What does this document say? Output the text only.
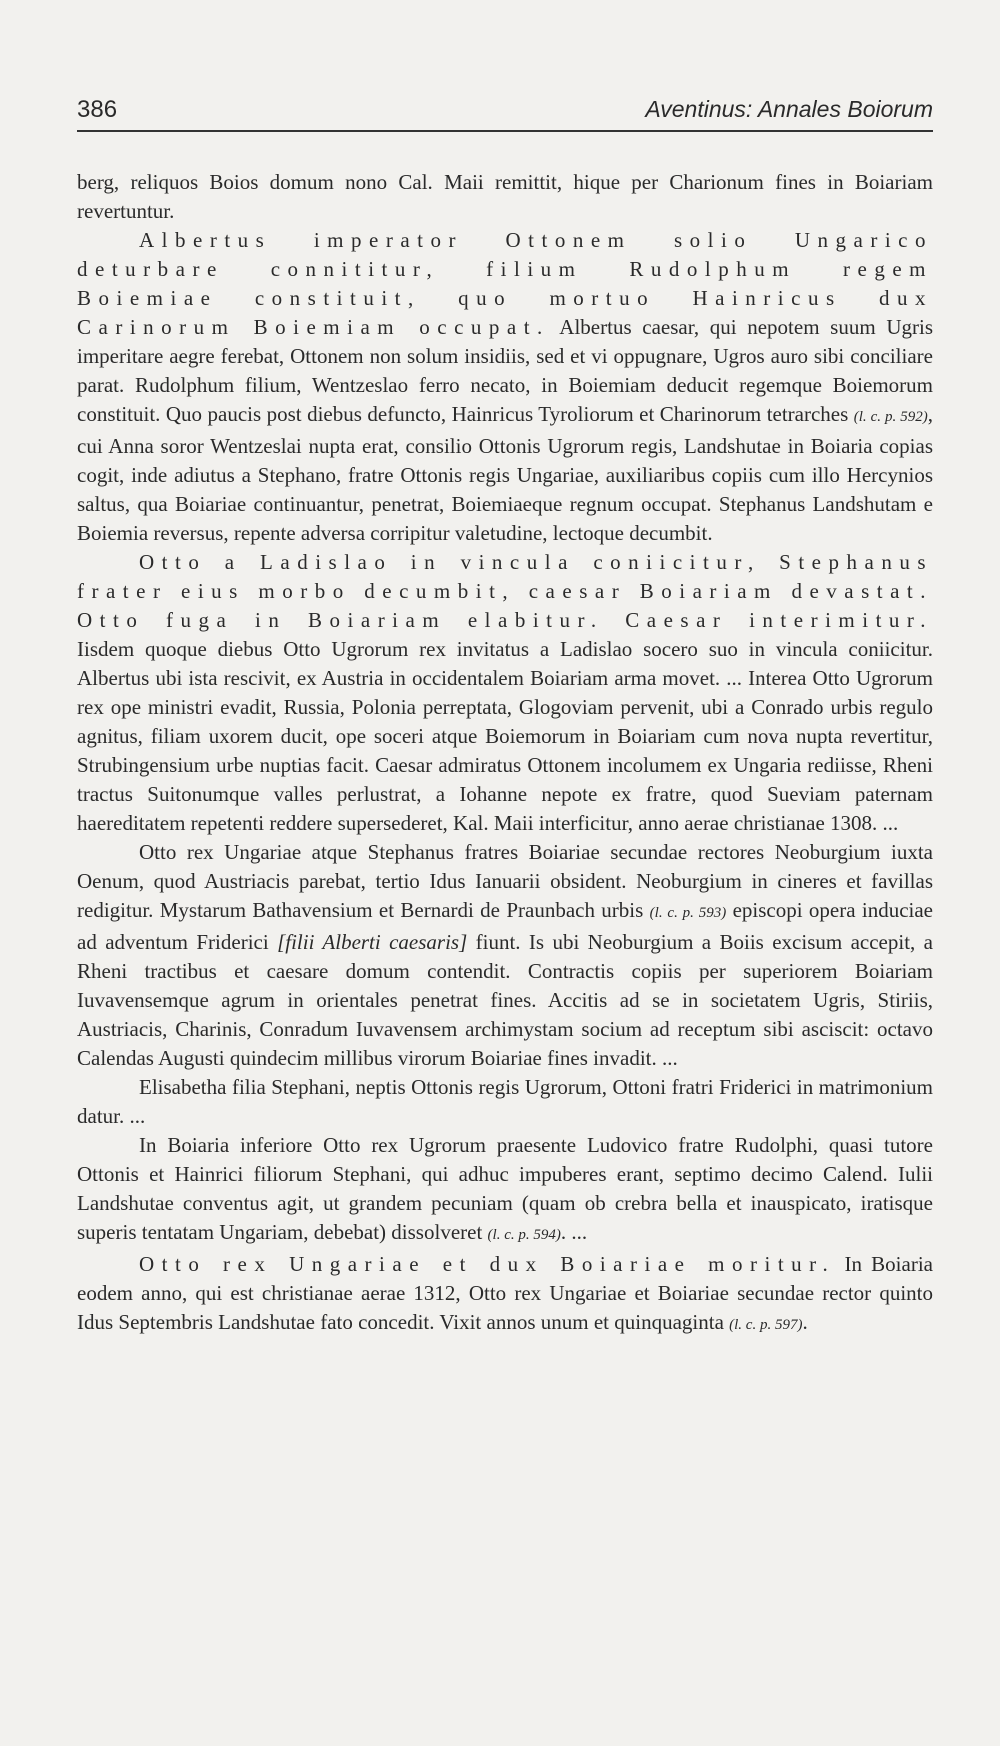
386	Aventinus: Annales Boiorum

berg, reliquos Boios domum nono Cal. Maii remittit, hique per Charionum fines in Boiariam revertuntur.

Albertus imperator Ottonem solio Ungarico deturbare connititur, filium Rudolphum regem Boiemiae constituit, quo mortuo Hainricus dux Carinorum Boiemiam occupat. Albertus caesar, qui nepotem suum Ugris imperitare aegre ferebat, Ottonem non solum insidiis, sed et vi oppugnare, Ugros auro sibi conciliare parat. Rudolphum filium, Wentzeslao ferro necato, in Boiemiam deducit regemque Boiemorum constituit. Quo paucis post diebus defuncto, Hainricus Tyroliorum et Charinorum tetrarches (l. c. p. 592), cui Anna soror Wentzeslai nupta erat, consilio Ottonis Ugrorum regis, Landshutae in Boiaria copias cogit, inde adiutus a Stephano, fratre Ottonis regis Ungariae, auxiliaribus copiis cum illo Hercynios saltus, qua Boiariae continuantur, penetrat, Boiemiaeque regnum occupat. Stephanus Landshutam e Boiemia reversus, repente adversa corripitur valetudine, lectoque decumbit.

Otto a Ladislao in vincula coniicitur, Stephanus frater eius morbo decumbit, caesar Boiariam devastat. Otto fuga in Boiariam elabitur. Caesar interimitur. Iisdem quoque diebus Otto Ugrorum rex invitatus a Ladislao socero suo in vincula coniicitur. Albertus ubi ista rescivit, ex Austria in occidentalem Boiariam arma movet. ... Interea Otto Ugrorum rex ope ministri evadit, Russia, Polonia perreptata, Glogoviam pervenit, ubi a Conrado urbis regulo agnitus, filiam uxorem ducit, ope soceri atque Boiemorum in Boiariam cum nova nupta revertitur, Strubingensium urbe nuptias facit. Caesar admiratus Ottonem incolumem ex Ungaria rediisse, Rheni tractus Suitonumque valles perlustrat, a Iohanne nepote ex fratre, quod Sueviam paternam haereditatem repetenti reddere supersederet, Kal. Maii interficitur, anno aerae christianae 1308. ...

Otto rex Ungariae atque Stephanus fratres Boiariae secundae rectores Neoburgium iuxta Oenum, quod Austriacis parebat, tertio Idus Ianuarii obsident. Neoburgium in cineres et favillas redigitur. Mystarum Bathavensium et Bernardi de Praunbach urbis (l. c. p. 593) episcopi opera induciae ad adventum Friderici [filii Alberti caesaris] fiunt. Is ubi Neoburgium a Boiis excisum accepit, a Rheni tractibus et caesare domum contendit. Contractis copiis per superiorem Boiariam Iuvavensemque agrum in orientales penetrat fines. Accitis ad se in societatem Ugris, Stiriis, Austriacis, Charinis, Conradum Iuvavensem archimystam socium ad receptum sibi asciscit: octavo Calendas Augusti quindecim millibus virorum Boiariae fines invadit. ...

Elisabetha filia Stephani, neptis Ottonis regis Ugrorum, Ottoni fratri Friderici in matrimonium datur. ...

In Boiaria inferiore Otto rex Ugrorum praesente Ludovico fratre Rudolphi, quasi tutore Ottonis et Hainrici filiorum Stephani, qui adhuc impuberes erant, septimo decimo Calend. Iulii Landshutae conventus agit, ut grandem pecuniam (quam ob crebra bella et inauspicato, iratisque superis tentatam Ungariam, debebat) dissolveret (l. c. p. 594). ...

Otto rex Ungariae et dux Boiariae moritur. In Boiaria eodem anno, qui est christianae aerae 1312, Otto rex Ungariae et Boiariae secundae rector quinto Idus Septembris Landshutae fato concedit. Vixit annos unum et quinquaginta (l. c. p. 597).
